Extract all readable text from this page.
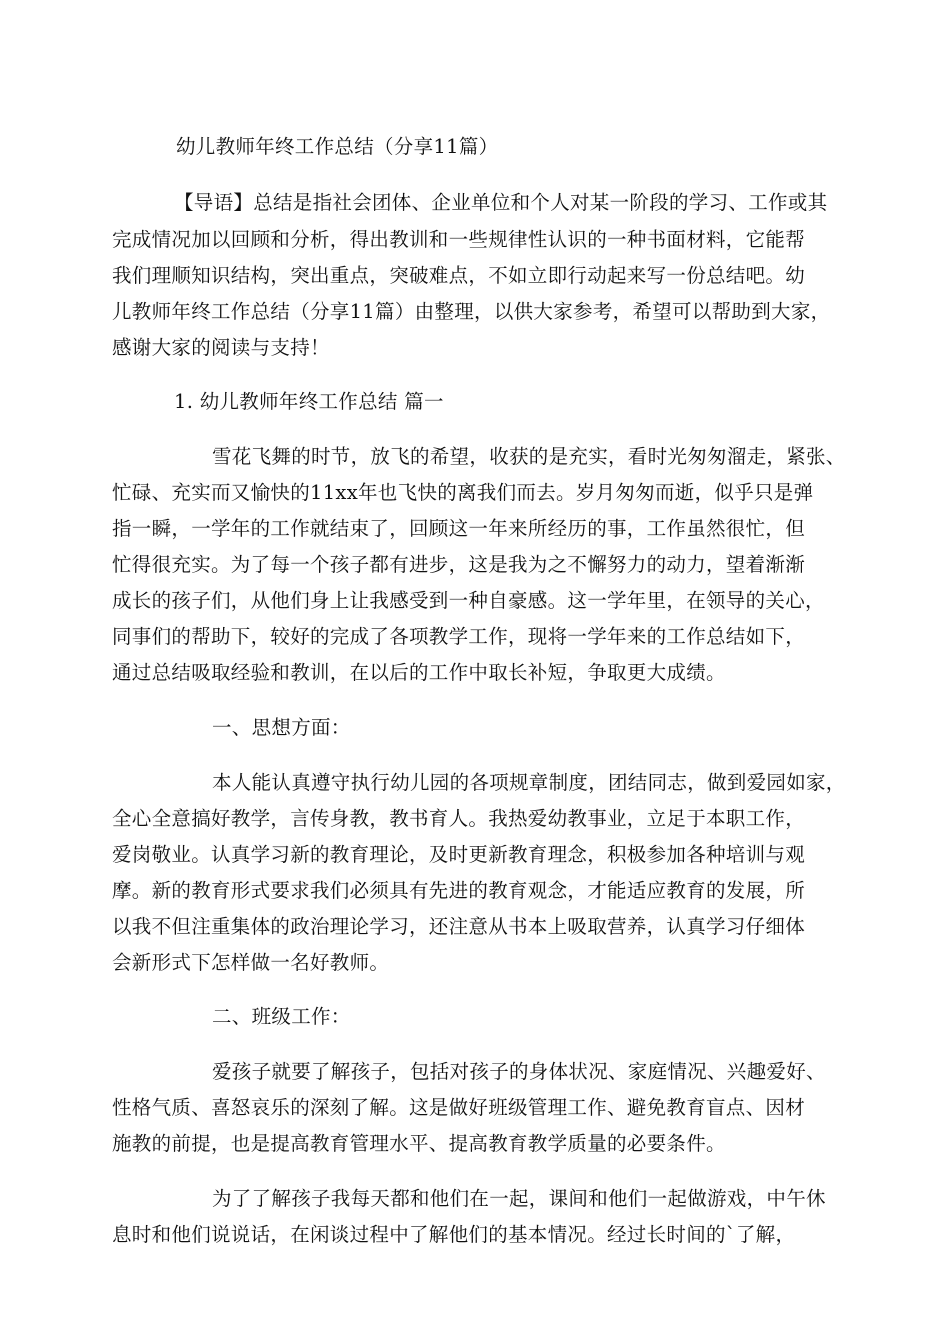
幼儿教师年终工作总结（分享11篇）
【导语】总结是指社会团体、企业单位和个人对某一阶段的学习、工作或其
完成情况加以回顾和分析，得出教训和一些规律性认识的一种书面材料，它能帮
我们理顺知识结构，突出重点，突破难点，不如立即行动起来写一份总结吧。幼
儿教师年终工作总结（分享11篇）由整理，以供大家参考，希望可以帮助到大家，
感谢大家的阅读与支持！
1. 幼儿教师年终工作总结 篇一
雪花飞舞的时节，放飞的希望，收获的是充实，看时光匆匆溜走，紧张、
忙碌、充实而又愉快的11xx年也飞快的离我们而去。岁月匆匆而逝，似乎只是弹
指一瞬，一学年的工作就结束了，回顾这一年来所经历的事，工作虽然很忙，但
忙得很充实。为了每一个孩子都有进步，这是我为之不懈努力的动力，望着渐渐
成长的孩子们，从他们身上让我感受到一种自豪感。这一学年里，在领导的关心，
同事们的帮助下，较好的完成了各项教学工作，现将一学年来的工作总结如下，
通过总结吸取经验和教训，在以后的工作中取长补短，争取更大成绩。
一、思想方面：
本人能认真遵守执行幼儿园的各项规章制度，团结同志，做到爱园如家，
全心全意搞好教学，言传身教，教书育人。我热爱幼教事业，立足于本职工作，
爱岗敬业。认真学习新的教育理论，及时更新教育理念，积极参加各种培训与观
摩。新的教育形式要求我们必须具有先进的教育观念，才能适应教育的发展，所
以我不但注重集体的政治理论学习，还注意从书本上吸取营养，认真学习仔细体
会新形式下怎样做一名好教师。
二、班级工作：
爱孩子就要了解孩子，包括对孩子的身体状况、家庭情况、兴趣爱好、
性格气质、喜怒哀乐的深刻了解。这是做好班级管理工作、避免教育盲点、因材
施教的前提，也是提高教育管理水平、提高教育教学质量的必要条件。
为了了解孩子我每天都和他们在一起，课间和他们一起做游戏，中午休
息时和他们说说话，在闲谈过程中了解他们的基本情况。经过长时间的`了解，
